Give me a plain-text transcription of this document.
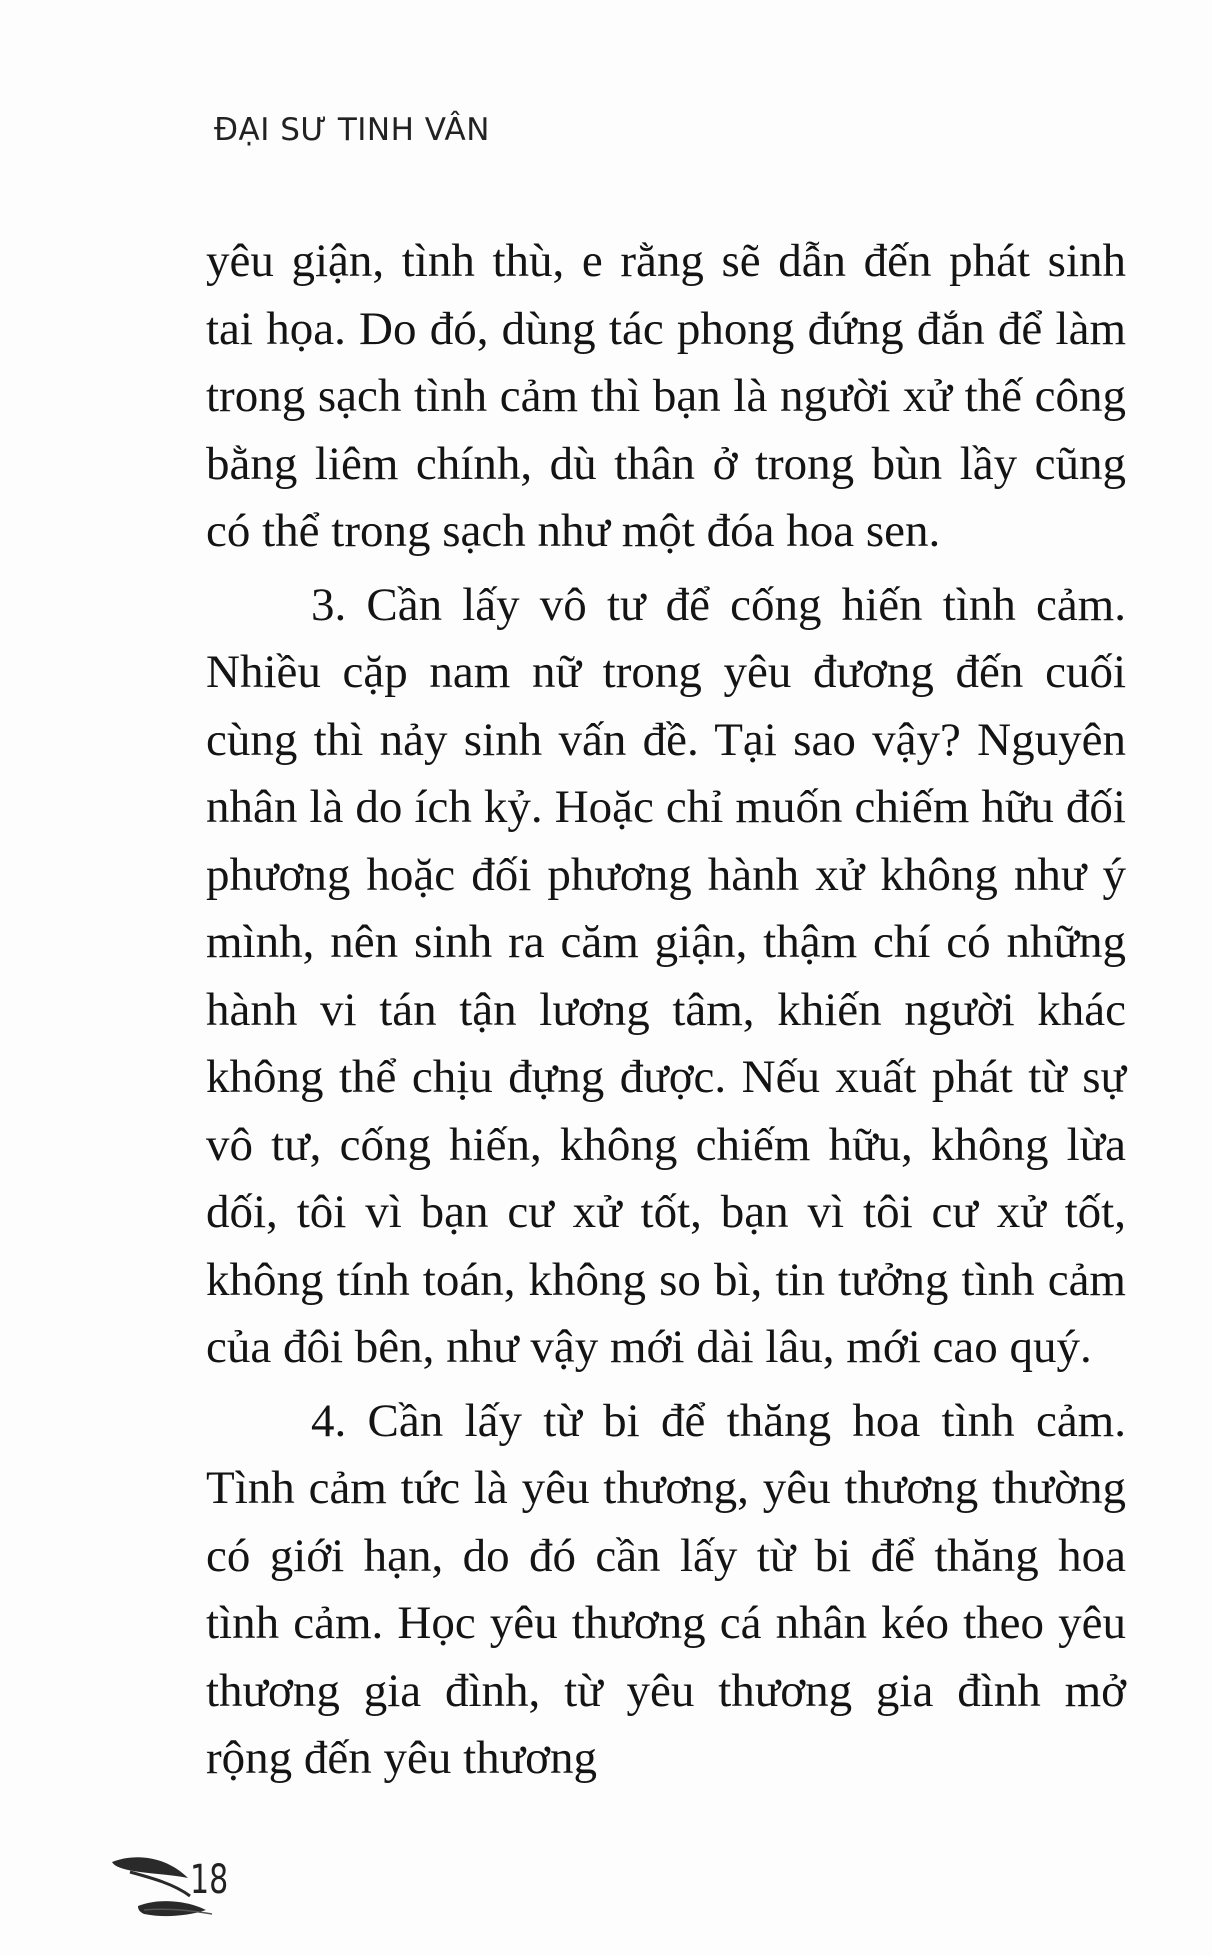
ĐẠI SƯ TINH VÂN

yêu giận, tình thù, e rằng sẽ dẫn đến phát sinh tai họa. Do đó, dùng tác phong đứng đắn để làm trong sạch tình cảm thì bạn là người xử thế công bằng liêm chính, dù thân ở trong bùn lầy cũng có thể trong sạch như một đóa hoa sen.

3. Cần lấy vô tư để cống hiến tình cảm. Nhiều cặp nam nữ trong yêu đương đến cuối cùng thì nảy sinh vấn đề. Tại sao vậy? Nguyên nhân là do ích kỷ. Hoặc chỉ muốn chiếm hữu đối phương hoặc đối phương hành xử không như ý mình, nên sinh ra căm giận, thậm chí có những hành vi tán tận lương tâm, khiến người khác không thể chịu đựng được. Nếu xuất phát từ sự vô tư, cống hiến, không chiếm hữu, không lừa dối, tôi vì bạn cư xử tốt, bạn vì tôi cư xử tốt, không tính toán, không so bì, tin tưởng tình cảm của đôi bên, như vậy mới dài lâu, mới cao quý.

4. Cần lấy từ bi để thăng hoa tình cảm. Tình cảm tức là yêu thương, yêu thương thường có giới hạn, do đó cần lấy từ bi để thăng hoa tình cảm. Học yêu thương cá nhân kéo theo yêu thương gia đình, từ yêu thương gia đình mở rộng đến yêu thương

18
